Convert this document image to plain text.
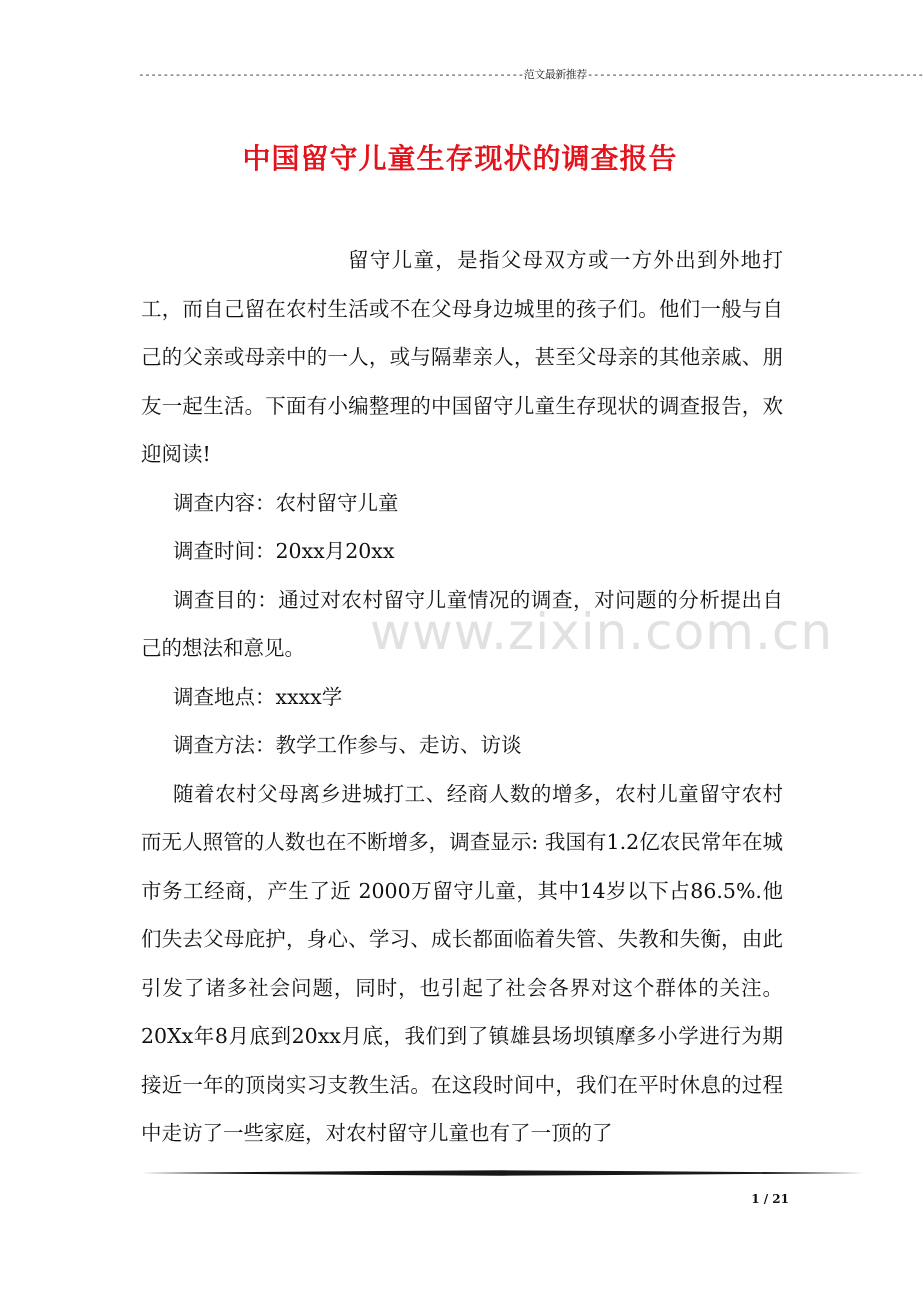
---------------------------------------------------------------范文最新推荐-------------------------------------------------------
中国留守儿童生存现状的调查报告

留守儿童，是指父母双方或一方外出到外地打工，而自己留在农村生活或不在父母身边城里的孩子们。他们一般与自己的父亲或母亲中的一人，或与隔辈亲人，甚至父母亲的其他亲戚、朋友一起生活。下面有小编整理的中国留守儿童生存现状的调查报告，欢迎阅读!

调查内容：农村留守儿童

调查时间：20xx月20xx

调查目的：通过对农村留守儿童情况的调查，对问题的分析提出自己的想法和意见。

调查地点：xxxx学

调查方法：教学工作参与、走访、访谈

随着农村父母离乡进城打工、经商人数的增多，农村儿童留守农村而无人照管的人数也在不断增多，调查显示: 我国有1.2亿农民常年在城市务工经商，产生了近 2000万留守儿童，其中14岁以下占86.5%.他们失去父母庇护，身心、学习、成长都面临着失管、失教和失衡，由此引发了诸多社会问题，同时，也引起了社会各界对这个群体的关注。20Xx年8月底到20xx月底，我们到了镇雄县场坝镇摩多小学进行为期接近一年的顶岗实习支教生活。在这段时间中，我们在平时休息的过程中走访了一些家庭，对农村留守儿童也有了一顶的了

www.zixin.com.cn
1 / 21
